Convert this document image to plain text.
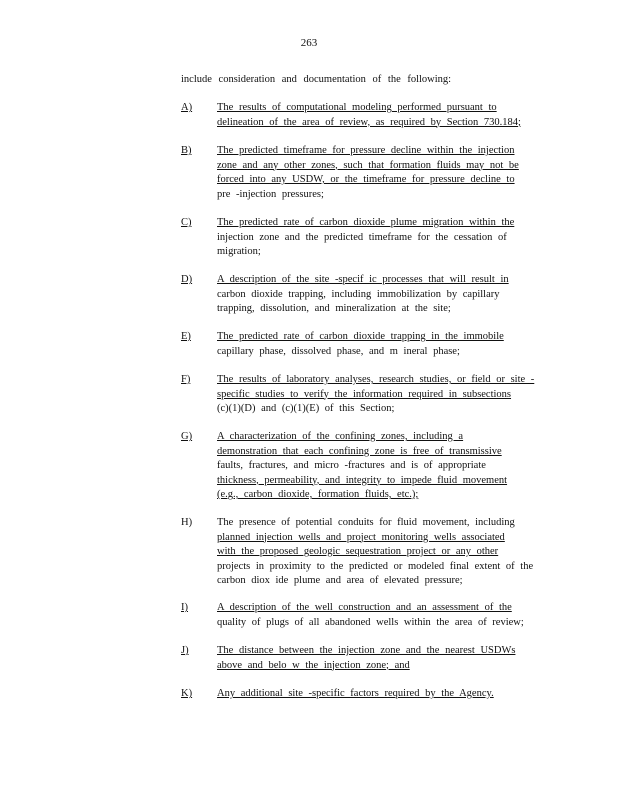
263
include consideration and documentation of the following:
A)	The results of computational modeling performed pursuant to
delineation of the area of review, as required by Section 730.184;
B)	The predicted timeframe for pressure decline within the injection
zone and any other zones, such that formation fluids may not be
forced into any USDW, or the timeframe for pressure decline to
pre -injection pressures;
C)	The predicted rate of carbon dioxide plume migration within the
injection zone and the predicted timeframe for the cessation of
migration;
D)	A description of the site -specif ic processes that will result in
carbon dioxide trapping, including immobilization by capillary
trapping, dissolution, and mineralization at the site;
E)	The predicted rate of carbon dioxide trapping in the immobile
capillary phase, dissolved phase, and m ineral phase;
F)	The results of laboratory analyses, research studies, or field or site -
specific studies to verify the information required in subsections
(c)(1)(D) and (c)(1)(E) of this Section;
G)	A characterization of the confining zones, including a
demonstration that each confining zone is free of transmissive
faults, fractures, and micro -fractures and is of appropriate
thickness, permeability, and integrity to impede fluid movement
(e.g., carbon dioxide, formation fluids, etc.);
H)	The presence of potential conduits for fluid movement, including
planned injection wells and project monitoring wells associated
with the proposed geologic sequestration project or any other
projects in proximity to the predicted or modeled final extent of the
carbon diox ide plume and area of elevated pressure;
I)	A description of the well construction and an assessment of the
quality of plugs of all abandoned wells within the area of review;
J)	The distance between the injection zone and the nearest USDWs
above and belo w the injection zone; and
K)	Any additional site -specific factors required by the Agency.
